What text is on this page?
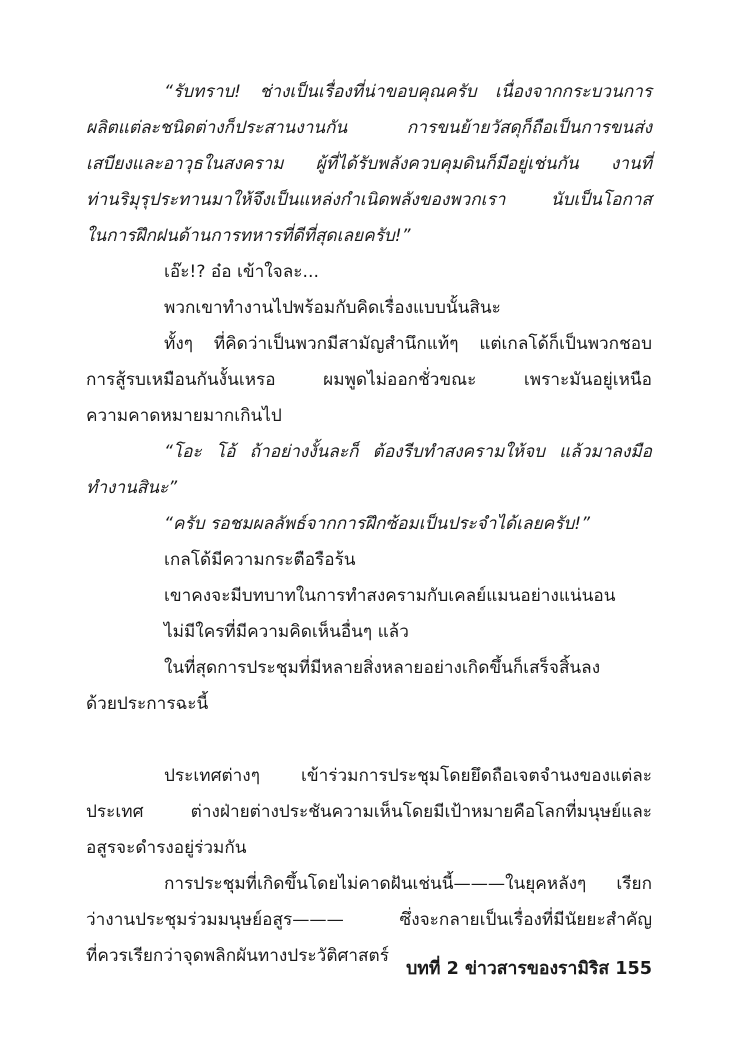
“รับทราบ! ช่างเป็นเรื่องที่น่าขอบคุณครับ เนื่องจากกระบวนการ
ผลิตแต่ละชนิดต่างก็ประสานงานกัน การขนย้ายวัสดุก็ถือเป็นการขนส่ง
เสบียงและอาวุธในสงคราม ผู้ที่ได้รับพลังควบคุมดินก็มีอยู่เช่นกัน งานที่
ท่านริมุรุประทานมาให้จึงเป็นแหล่งกำเนิดพลังของพวกเรา นับเป็นโอกาส
ในการฝึกฝนด้านการทหารที่ดีที่สุดเลยครับ!”
เอ๊ะ!? อ๋อ เข้าใจละ...
พวกเขาทำงานไปพร้อมกับคิดเรื่องแบบนั้นสินะ
ทั้งๆ ที่คิดว่าเป็นพวกมีสามัญสำนึกแท้ๆ แต่เกลโด้ก็เป็นพวกชอบ
การสู้รบเหมือนกันงั้นเหรอ ผมพูดไม่ออกชั่วขณะ เพราะมันอยู่เหนือ
ความคาดหมายมากเกินไป
“โอะ โอ้ ถ้าอย่างงั้นละก็ ต้องรีบทำสงครามให้จบ แล้วมาลงมือ
ทำงานสินะ”
“ครับ รอชมผลลัพธ์จากการฝึกซ้อมเป็นประจำได้เลยครับ!”
เกลโด้มีความกระตือรือร้น
เขาคงจะมีบทบาทในการทำสงครามกับเคลย์แมนอย่างแน่นอน
ไม่มีใครที่มีความคิดเห็นอื่นๆ แล้ว
ในที่สุดการประชุมที่มีหลายสิ่งหลายอย่างเกิดขึ้นก็เสร็จสิ้นลง
ด้วยประการฉะนี้
ประเทศต่างๆ เข้าร่วมการประชุมโดยยึดถือเจตจำนงของแต่ละ
ประเทศ ต่างฝ่ายต่างประชันความเห็นโดยมีเป้าหมายคือโลกที่มนุษย์และ
อสูรจะดำรงอยู่ร่วมกัน
การประชุมที่เกิดขึ้นโดยไม่คาดฝันเช่นนี้———ในยุคหลังๆ เรียก
ว่างานประชุมร่วมมนุษย์อสูร——— ซึ่งจะกลายเป็นเรื่องที่มีนัยยะสำคัญ
ที่ควรเรียกว่าจุดพลิกผันทางประวัติศาสตร์
บทที่ 2 ข่าวสารของรามิริส 155
